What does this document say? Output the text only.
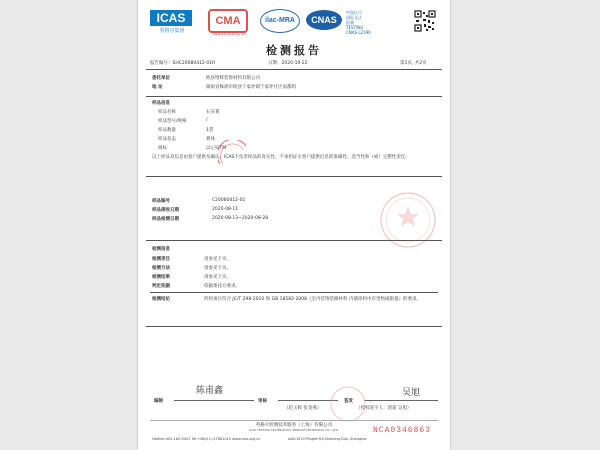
ICAS
英格尔集团
CMA
160020401236
ilac-MRA	CNAS
中国认可
国际互认
检测
TESTING
CNAS L2196
检测报告
报告编号：SHC20080412-01R	日期：2020-10-22	第1页, 共2页
委托单位	攸县增辉装饰材料有限公司
地 址	湖南省株洲市攸县宁家坪镇宁家坪社区南都组
样品信息
样品名称	石灰膏
样品型号/规格	/
样品数量	1袋
样品状态	膏体
商标	以心钰TM
以上样品及信息由客户提供及确认，ICAS不负责样品的真实性，不承担证实客户提供信息的准确性、适当性和（或）完整性责任。
样品编号	C20080412-01
样品接收日期	2020-08-11
样品检测日期	2020-08-13~2020-08-28
检测信息
检测项目	请参见下页。
检测方法	请参见下页。
检测结果	请参见下页。
判定依据	依据委托方要求。
检测结论	所检项目符合 JC/T 298-2010 和 GB 18582-2008《室内装饰装修材料 内墙涂料中有害物质限量》的要求。
编制
陈甫鑫
审核	签发
吴旭
（赵玉辉 张金燕）	（授权签字人：郭超 吴旭）
英格尔检测技术服务（上海）有限公司
ICAS TESTING TECHNOLOGY SERVICE (SHANGHAI) CO., LTD.
Hotline:400-182-9001 Tel:+86(21)-57881010 www.icas.org.cn	Add:1010 Pinglet Rd,Sheliang Dist.,Shanghai
NCA0346863
